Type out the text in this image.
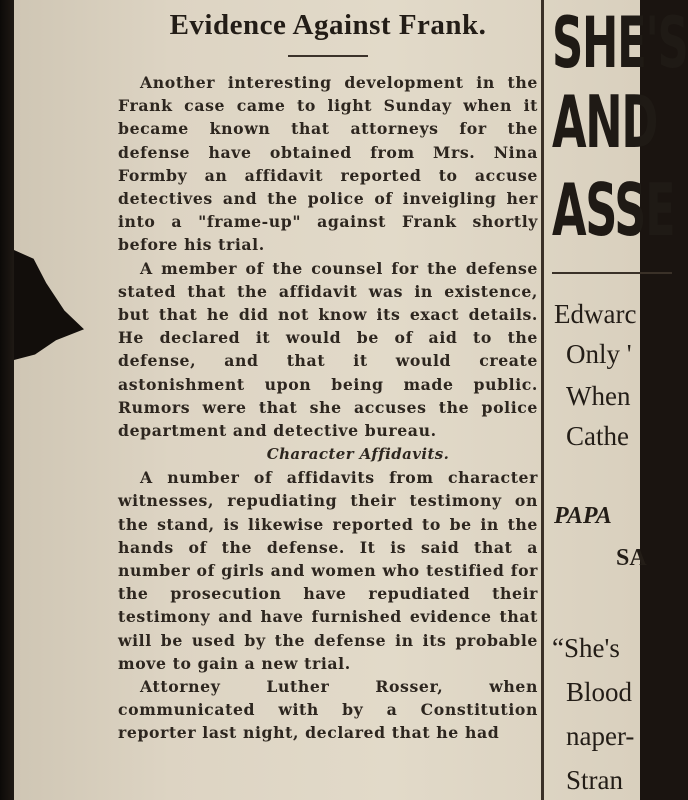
Evidence Against Frank.

Another interesting development in the Frank case came to light Sunday when it became known that attorneys for the defense have obtained from Mrs. Nina Formby an affidavit reported to accuse detectives and the police of inveigling her into a "frame-up" against Frank shortly before his trial.

A member of the counsel for the defense stated that the affidavit was in existence, but that he did not know its exact details. He declared it would be of aid to the defense, and that it would create astonishment upon being made public. Rumors were that she accuses the police department and detective bureau.

Character Affidavits.

A number of affidavits from character witnesses, repudiating their testimony on the stand, is likewise reported to be in the hands of the defense. It is said that a number of girls and women who testified for the prosecution have repudiated their testimony and have furnished evidence that will be used by the defense in its probable move to gain a new trial.

Attorney Luther Rosser, when communicated with by a Constitution reporter last night, declared that he had

SHE'S
AND
ASSE
Edwarc
Only '
When
Cathe
PAPA
SA
“She's
Blood
naper-
Stran
